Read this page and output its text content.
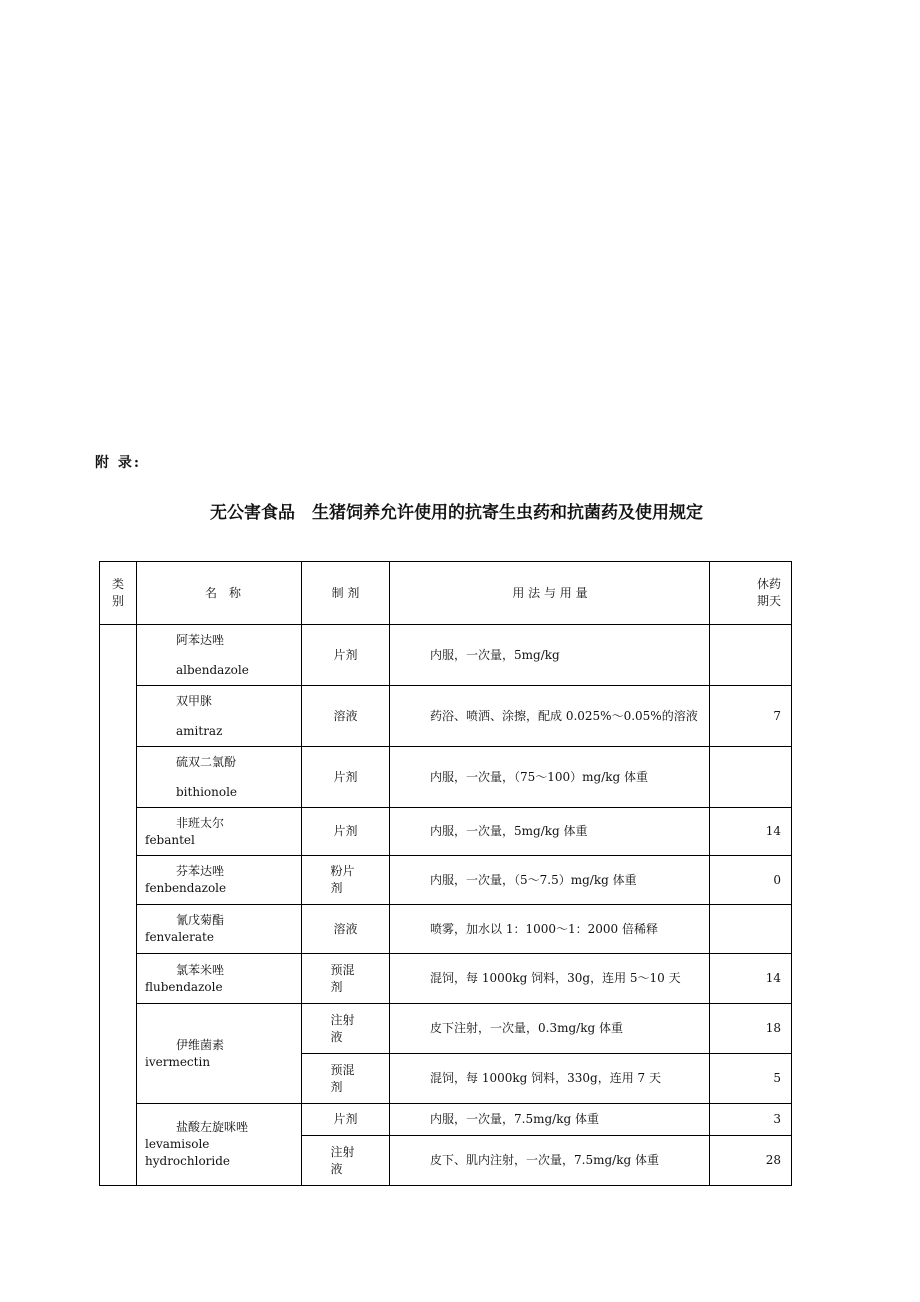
附 录:
无公害食品　生猪饲养允许使用的抗寄生虫药和抗菌药及使用规定
类别	名　称	制 剂	用 法 与 用 量	休药
期天

	阿苯达唑
albendazole	片剂	内服，一次量，5mg/kg	

	双甲脒
amitraz	溶液	药浴、喷洒、涂擦，配成 0.025%～0.05%的溶液	7

	硫双二氯酚
bithionole	片剂	内服，一次量，（75～100）mg/kg 体重	

	非班太尔
febantel	片剂	内服，一次量，5mg/kg 体重	14

	芬苯达唑
fenbendazole	粉片剂	内服，一次量，（5～7.5）mg/kg 体重	0

	氰戊菊酯
fenvalerate	溶液	喷雾，加水以 1：1000～1：2000 倍稀释	

	氯苯米唑
flubendazole	预混剂	混饲，每 1000kg 饲料，30g，连用 5～10 天	14

	伊维菌素
ivermectin	注射液	皮下注射，一次量，0.3mg/kg 体重	18
		预混剂	混饲，每 1000kg 饲料，330g，连用 7 天	5

	盐酸左旋咪唑
levamisole hydrochloride	片剂	内服，一次量，7.5mg/kg 体重	3
		注射液	皮下、肌内注射，一次量，7.5mg/kg 体重	28
